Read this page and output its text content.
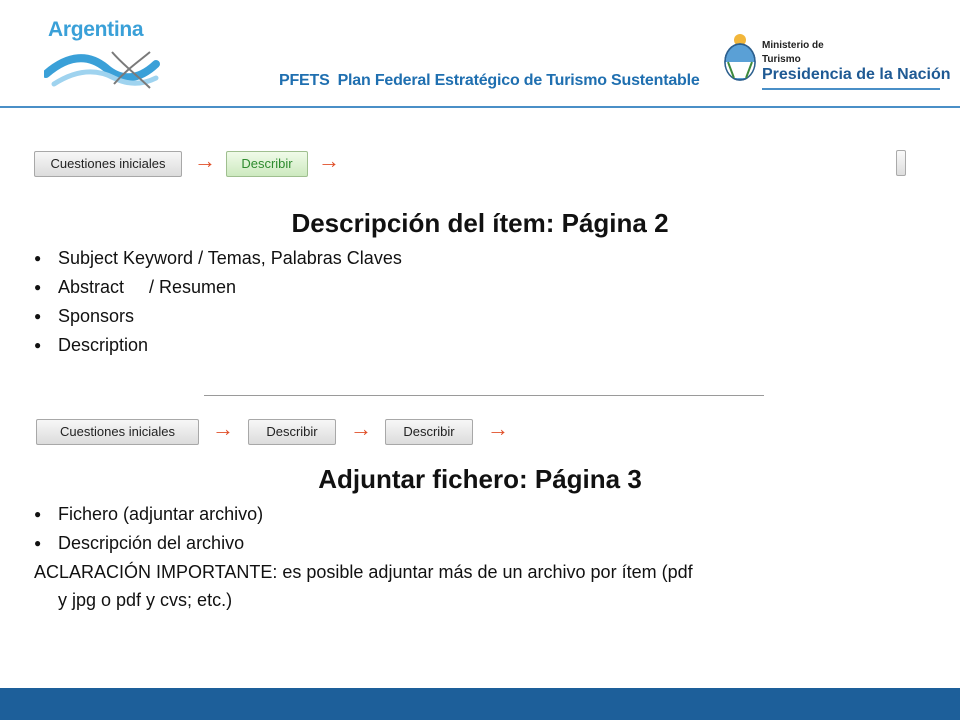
Argentina
PFETS Plan Federal Estratégico de Turismo Sustentable
Ministerio de
Turismo
Presidencia de la Nación
Cuestiones iniciales	→	Describir	→
Descripción del ítem: Página 2
● Subject Keyword / Temas, Palabras Claves
● Abstract     / Resumen
● Sponsors
● Description
Cuestiones iniciales	→	Describir	→	Describir	→
Adjuntar fichero: Página 3
● Fichero (adjuntar archivo)
● Descripción del archivo
ACLARACIÓN IMPORTANTE: es posible adjuntar más de un archivo por ítem (pdf
y jpg o pdf y cvs; etc.)
